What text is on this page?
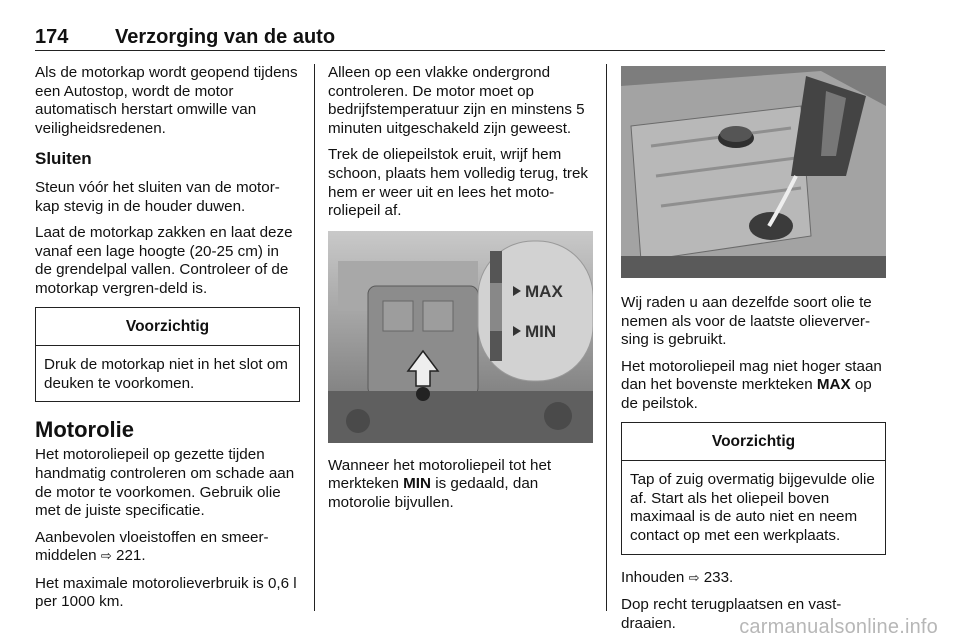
174 Verzorging van de auto

Als de motorkap wordt geopend tijdens een Autostop, wordt de motor automatisch herstart omwille van veiligheidsredenen.

Sluiten

Steun vóór het sluiten van de motor-kap stevig in de houder duwen.

Laat de motorkap zakken en laat deze vanaf een lage hoogte (20-25 cm) in de grendelpal vallen. Controleer of de motorkap vergren-deld is.

Voorzichtig
Druk de motorkap niet in het slot om deuken te voorkomen.
Motorolie

Het motoroliepeil op gezette tijden handmatig controleren om schade aan de motor te voorkomen. Gebruik olie met de juiste specificatie.

Aanbevolen vloeistoffen en smeer-middelen ⇨ 221.

Het maximale motorolieverbruik is 0,6 l per 1000 km.

Alleen op een vlakke ondergrond controleren. De motor moet op bedrijfstemperatuur zijn en minstens 5 minuten uitgeschakeld zijn geweest.

Trek de oliepeilstok eruit, wrijf hem schoon, plaats hem volledig terug, trek hem er weer uit en lees het moto-roliepeil af.

MAX
MIN

Wanneer het motoroliepeil tot het merkteken MIN is gedaald, dan motorolie bijvullen.

Wij raden u aan dezelfde soort olie te nemen als voor de laatste olieverver-sing is gebruikt.

Het motoroliepeil mag niet hoger staan dan het bovenste merkteken MAX op de peilstok.

Voorzichtig
Tap of zuig overmatig bijgevulde olie af. Start als het oliepeil boven maximaal is de auto niet en neem contact op met een werkplaats.

Inhouden ⇨ 233.

Dop recht terugplaatsen en vast-draaien.	carmanualsonline.info
